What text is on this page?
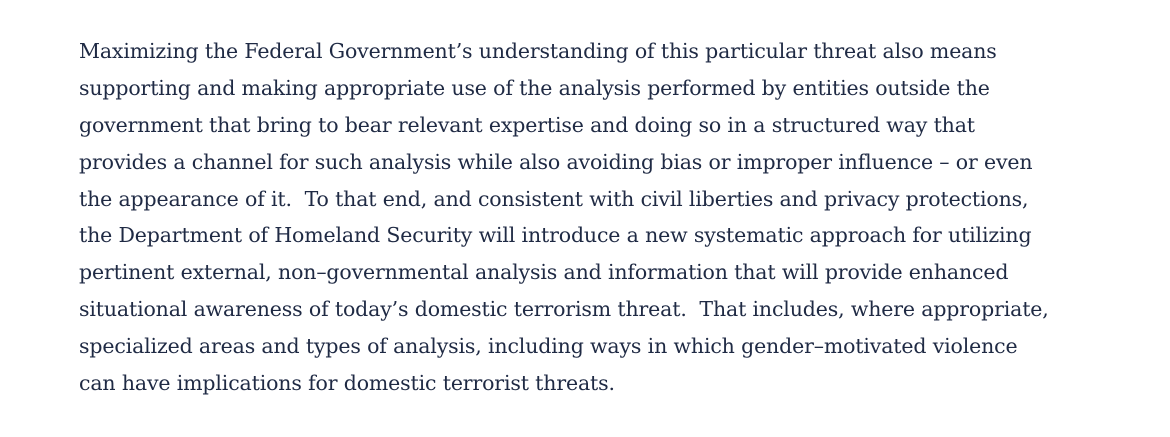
Maximizing the Federal Government’s understanding of this particular threat also means
supporting and making appropriate use of the analysis performed by entities outside the
government that bring to bear relevant expertise and doing so in a structured way that
provides a channel for such analysis while also avoiding bias or improper influence – or even
the appearance of it.  To that end, and consistent with civil liberties and privacy protections,
the Department of Homeland Security will introduce a new systematic approach for utilizing
pertinent external, non–governmental analysis and information that will provide enhanced
situational awareness of today’s domestic terrorism threat.  That includes, where appropriate,
specialized areas and types of analysis, including ways in which gender–motivated violence
can have implications for domestic terrorist threats.
